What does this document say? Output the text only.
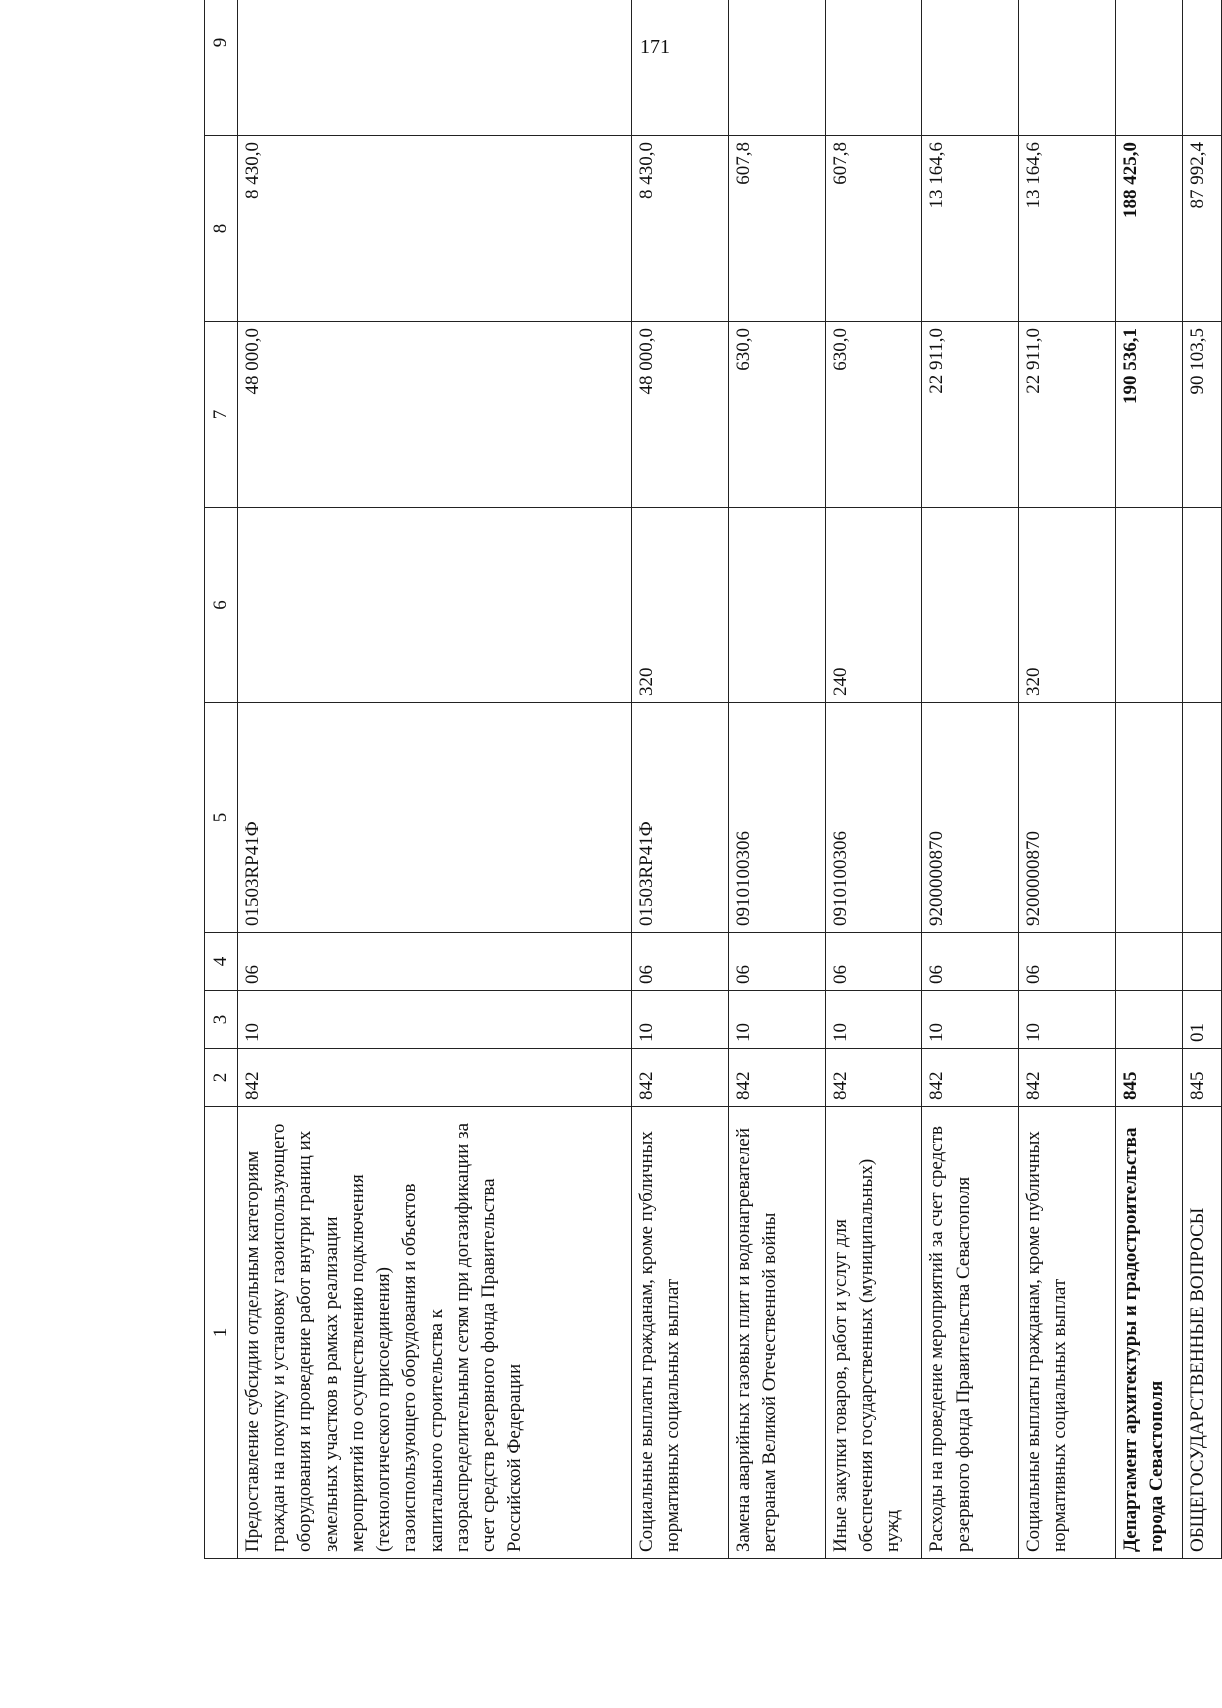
171
1	2	3	4	5	6	7	8	9
Предоставление субсидии отдельным категориям граждан на покупку и установку газоиспользующего оборудования и проведение работ внутри границ их земельных участков в рамках реализации мероприятий по осуществлению подключения (технологического присоединения) газоиспользующего оборудования и объектов капитального строительства к газораспределительным сетям при догазификации за счет средств резервного фонда Правительства Российской Федерации	842	10	06	01503RP41Ф		48 000,0	8 430,0	
Социальные выплаты гражданам, кроме публичных нормативных социальных выплат	842	10	06	01503RP41Ф	320	48 000,0	8 430,0	
Замена аварийных газовых плит и водонагревателей ветеранам Великой Отечественной войны	842	10	06	0910100306		630,0	607,8	
Иные закупки товаров, работ и услуг для обеспечения государственных (муниципальных) нужд	842	10	06	0910100306	240	630,0	607,8	
Расходы на проведение мероприятий за счет средств резервного фонда Правительства Севастополя	842	10	06	9200000870		22 911,0	13 164,6	
Социальные выплаты гражданам, кроме публичных нормативных социальных выплат	842	10	06	9200000870	320	22 911,0	13 164,6	
Департамент архитектуры и градостроительства города Севастополя	845					190 536,1	188 425,0	
ОБЩЕГОСУДАРСТВЕННЫЕ ВОПРОСЫ	845	01				90 103,5	87 992,4	
